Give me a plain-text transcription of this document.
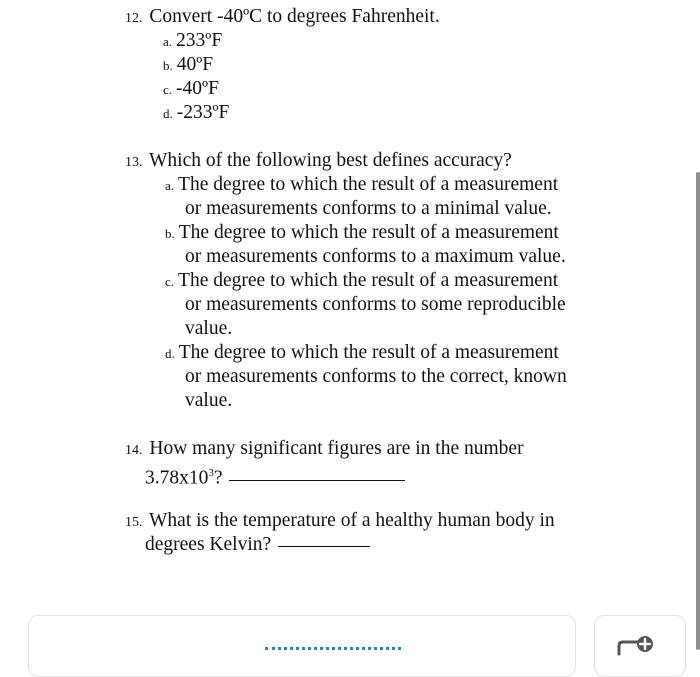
12. Convert -40ºC to degrees Fahrenheit.
a. 233ºF
b. 40ºF
c. -40ºF
d. -233ºF
13. Which of the following best defines accuracy?
a. The degree to which the result of a measurement
or measurements conforms to a minimal value.
b. The degree to which the result of a measurement
or measurements conforms to a maximum value.
c. The degree to which the result of a measurement
or measurements conforms to some reproducible
value.
d. The degree to which the result of a measurement
or measurements conforms to the correct, known
value.
14. How many significant figures are in the number
$3.78x10^3$?
15. What is the temperature of a healthy human body in
degrees Kelvin?
